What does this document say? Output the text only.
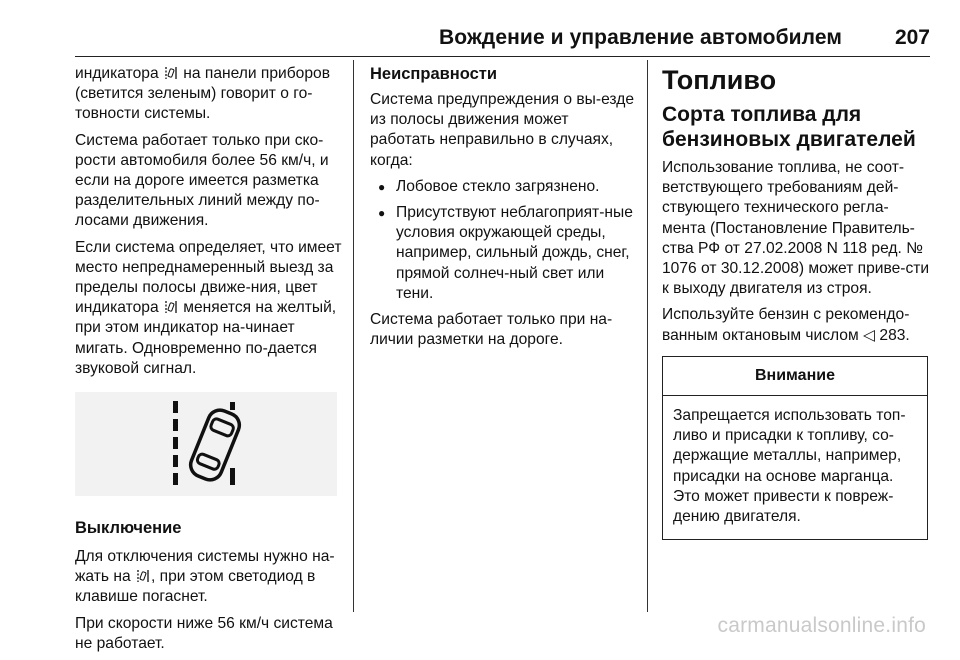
Вождение и управление автомобилем	207

индикатора  на панели приборов (светится зеленым) говорит о го-товности системы.

Система работает только при ско-рости автомобиля более 56 км/ч, и если на дороге имеется разметка разделительных линий между по-лосами движения.

Если система определяет, что имеет место непреднамеренный выезд за пределы полосы движе-ния, цвет индикатора  меняется на желтый, при этом индикатор на-чинает мигать. Одновременно по-дается звуковой сигнал.

Выключение

Для отключения системы нужно на-жать на , при этом светодиод в клавише погаснет.

При скорости ниже 56 км/ч система не работает.

Неисправности

Система предупреждения о вы-езде из полосы движения может работать неправильно в случаях, когда:

● Лобовое стекло загрязнено.
● Присутствуют неблагоприят-ные условия окружающей среды, например, сильный дождь, снег, прямой солнеч-ный свет или тени.

Система работает только при на-личии разметки на дороге.

Топливо
Сорта топлива для бензиновых двигателей

Использование топлива, не соот-ветствующего требованиям дей-ствующего технического регла-мента (Постановление Правитель-ства РФ от 27.02.2008 N 118 ред. № 1076 от 30.12.2008) может приве-сти к выходу двигателя из строя.

Используйте бензин с рекомендо-ванным октановым числом ◁ 283.

Внимание
Запрещается использовать топ-ливо и присадки к топливу, со-держащие металлы, например, присадки на основе марганца. Это может привести к повреж-дению двигателя.
carmanualsonline.info
